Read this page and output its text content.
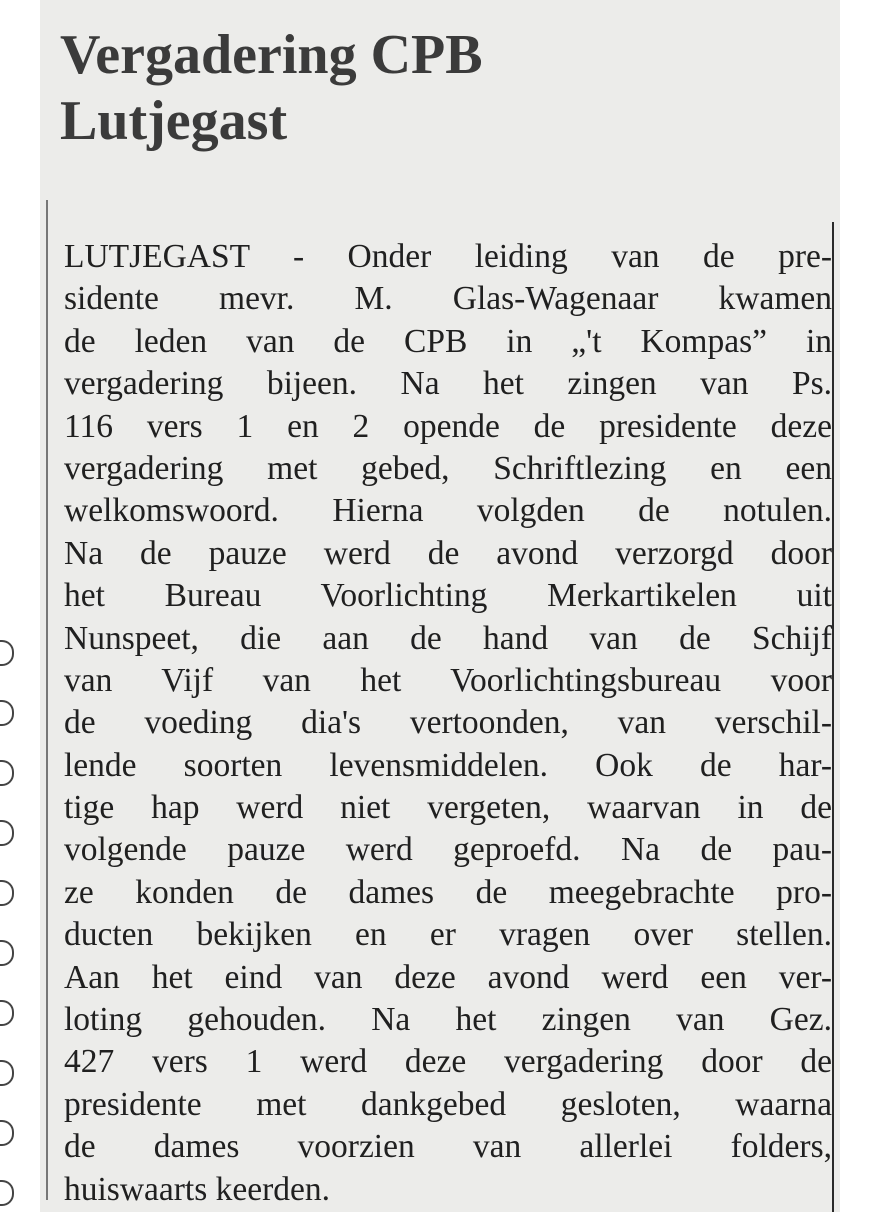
Vergadering CPB
Lutjegast
LUTJEGAST - Onder leiding van de pre-
sidente mevr. M. Glas-Wagenaar kwamen
de leden van de CPB in „'t Kompas” in
vergadering bijeen. Na het zingen van Ps.
116 vers 1 en 2 opende de presidente deze
vergadering met gebed, Schriftlezing en een
welkomswoord. Hierna volgden de notulen.
Na de pauze werd de avond verzorgd door
het Bureau Voorlichting Merkartikelen uit
Nunspeet, die aan de hand van de Schijf
van Vijf van het Voorlichtingsbureau voor
de voeding dia's vertoonden, van verschil-
lende soorten levensmiddelen. Ook de har-
tige hap werd niet vergeten, waarvan in de
volgende pauze werd geproefd. Na de pau-
ze konden de dames de meegebrachte pro-
ducten bekijken en er vragen over stellen.
Aan het eind van deze avond werd een ver-
loting gehouden. Na het zingen van Gez.
427 vers 1 werd deze vergadering door de
presidente met dankgebed gesloten, waarna
de dames voorzien van allerlei folders,
huiswaarts keerden.
